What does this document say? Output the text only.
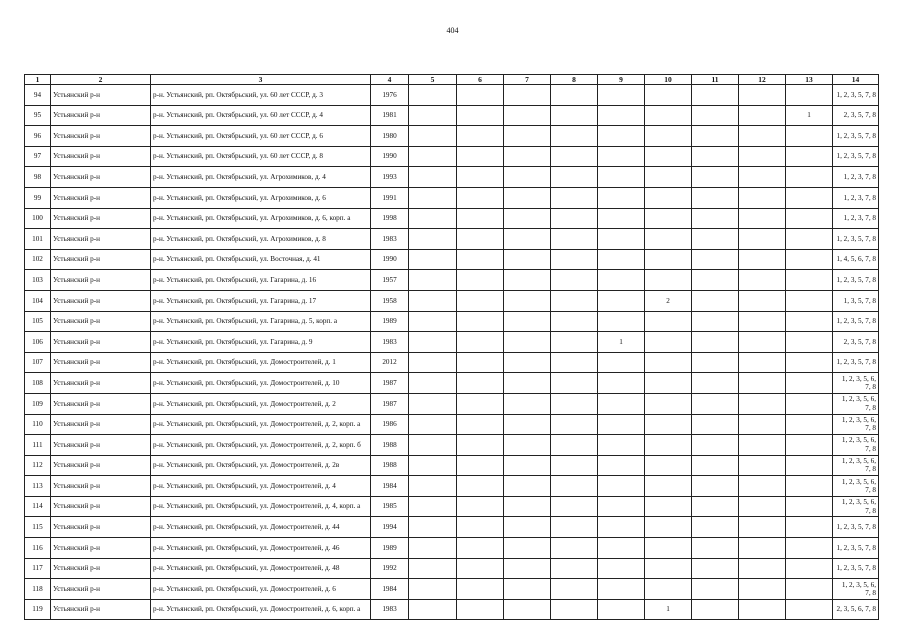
404
1	2	3	4	5	6	7	8	9	10	11	12	13	14
94	Устьянский р-н	р-н. Устьянский, рп. Октябрьский, ул. 60 лет СССР, д. 3	1976										1, 2, 3, 5, 7, 8
95	Устьянский р-н	р-н. Устьянский, рп. Октябрьский, ул. 60 лет СССР, д. 4	1981									1	2, 3, 5, 7, 8
96	Устьянский р-н	р-н. Устьянский, рп. Октябрьский, ул. 60 лет СССР, д. 6	1980										1, 2, 3, 5, 7, 8
97	Устьянский р-н	р-н. Устьянский, рп. Октябрьский, ул. 60 лет СССР, д. 8	1990										1, 2, 3, 5, 7, 8
98	Устьянский р-н	р-н. Устьянский, рп. Октябрьский, ул. Агрохимиков, д. 4	1993										1, 2, 3, 7, 8
99	Устьянский р-н	р-н. Устьянский, рп. Октябрьский, ул. Агрохимиков, д. 6	1991										1, 2, 3, 7, 8
100	Устьянский р-н	р-н. Устьянский, рп. Октябрьский, ул. Агрохимиков, д. 6, корп. а	1998										1, 2, 3, 7, 8
101	Устьянский р-н	р-н. Устьянский, рп. Октябрьский, ул. Агрохимиков, д. 8	1983										1, 2, 3, 5, 7, 8
102	Устьянский р-н	р-н. Устьянский, рп. Октябрьский, ул. Восточная, д. 41	1990										1, 4, 5, 6, 7, 8
103	Устьянский р-н	р-н. Устьянский, рп. Октябрьский, ул. Гагарина, д. 16	1957										1, 2, 3, 5, 7, 8
104	Устьянский р-н	р-н. Устьянский, рп. Октябрьский, ул. Гагарина, д. 17	1958						2				1, 3, 5, 7, 8
105	Устьянский р-н	р-н. Устьянский, рп. Октябрьский, ул. Гагарина, д. 5, корп. а	1989										1, 2, 3, 5, 7, 8
106	Устьянский р-н	р-н. Устьянский, рп. Октябрьский, ул. Гагарина, д. 9	1983					1					2, 3, 5, 7, 8
107	Устьянский р-н	р-н. Устьянский, рп. Октябрьский, ул. Домостроителей, д. 1	2012										1, 2, 3, 5, 7, 8
108	Устьянский р-н	р-н. Устьянский, рп. Октябрьский, ул. Домостроителей, д. 10	1987										1, 2, 3, 5, 6, 7, 8
109	Устьянский р-н	р-н. Устьянский, рп. Октябрьский, ул. Домостроителей, д. 2	1987										1, 2, 3, 5, 6, 7, 8
110	Устьянский р-н	р-н. Устьянский, рп. Октябрьский, ул. Домостроителей, д. 2, корп. а	1986										1, 2, 3, 5, 6, 7, 8
111	Устьянский р-н	р-н. Устьянский, рп. Октябрьский, ул. Домостроителей, д. 2, корп. б	1988										1, 2, 3, 5, 6, 7, 8
112	Устьянский р-н	р-н. Устьянский, рп. Октябрьский, ул. Домостроителей, д. 2в	1988										1, 2, 3, 5, 6, 7, 8
113	Устьянский р-н	р-н. Устьянский, рп. Октябрьский, ул. Домостроителей, д. 4	1984										1, 2, 3, 5, 6, 7, 8
114	Устьянский р-н	р-н. Устьянский, рп. Октябрьский, ул. Домостроителей, д. 4, корп. а	1985										1, 2, 3, 5, 6, 7, 8
115	Устьянский р-н	р-н. Устьянский, рп. Октябрьский, ул. Домостроителей, д. 44	1994										1, 2, 3, 5, 7, 8
116	Устьянский р-н	р-н. Устьянский, рп. Октябрьский, ул. Домостроителей, д. 46	1989										1, 2, 3, 5, 7, 8
117	Устьянский р-н	р-н. Устьянский, рп. Октябрьский, ул. Домостроителей, д. 48	1992										1, 2, 3, 5, 7, 8
118	Устьянский р-н	р-н. Устьянский, рп. Октябрьский, ул. Домостроителей, д. 6	1984										1, 2, 3, 5, 6, 7, 8
119	Устьянский р-н	р-н. Устьянский, рп. Октябрьский, ул. Домостроителей, д. 6, корп. а	1983						1				2, 3, 5, 6, 7, 8
